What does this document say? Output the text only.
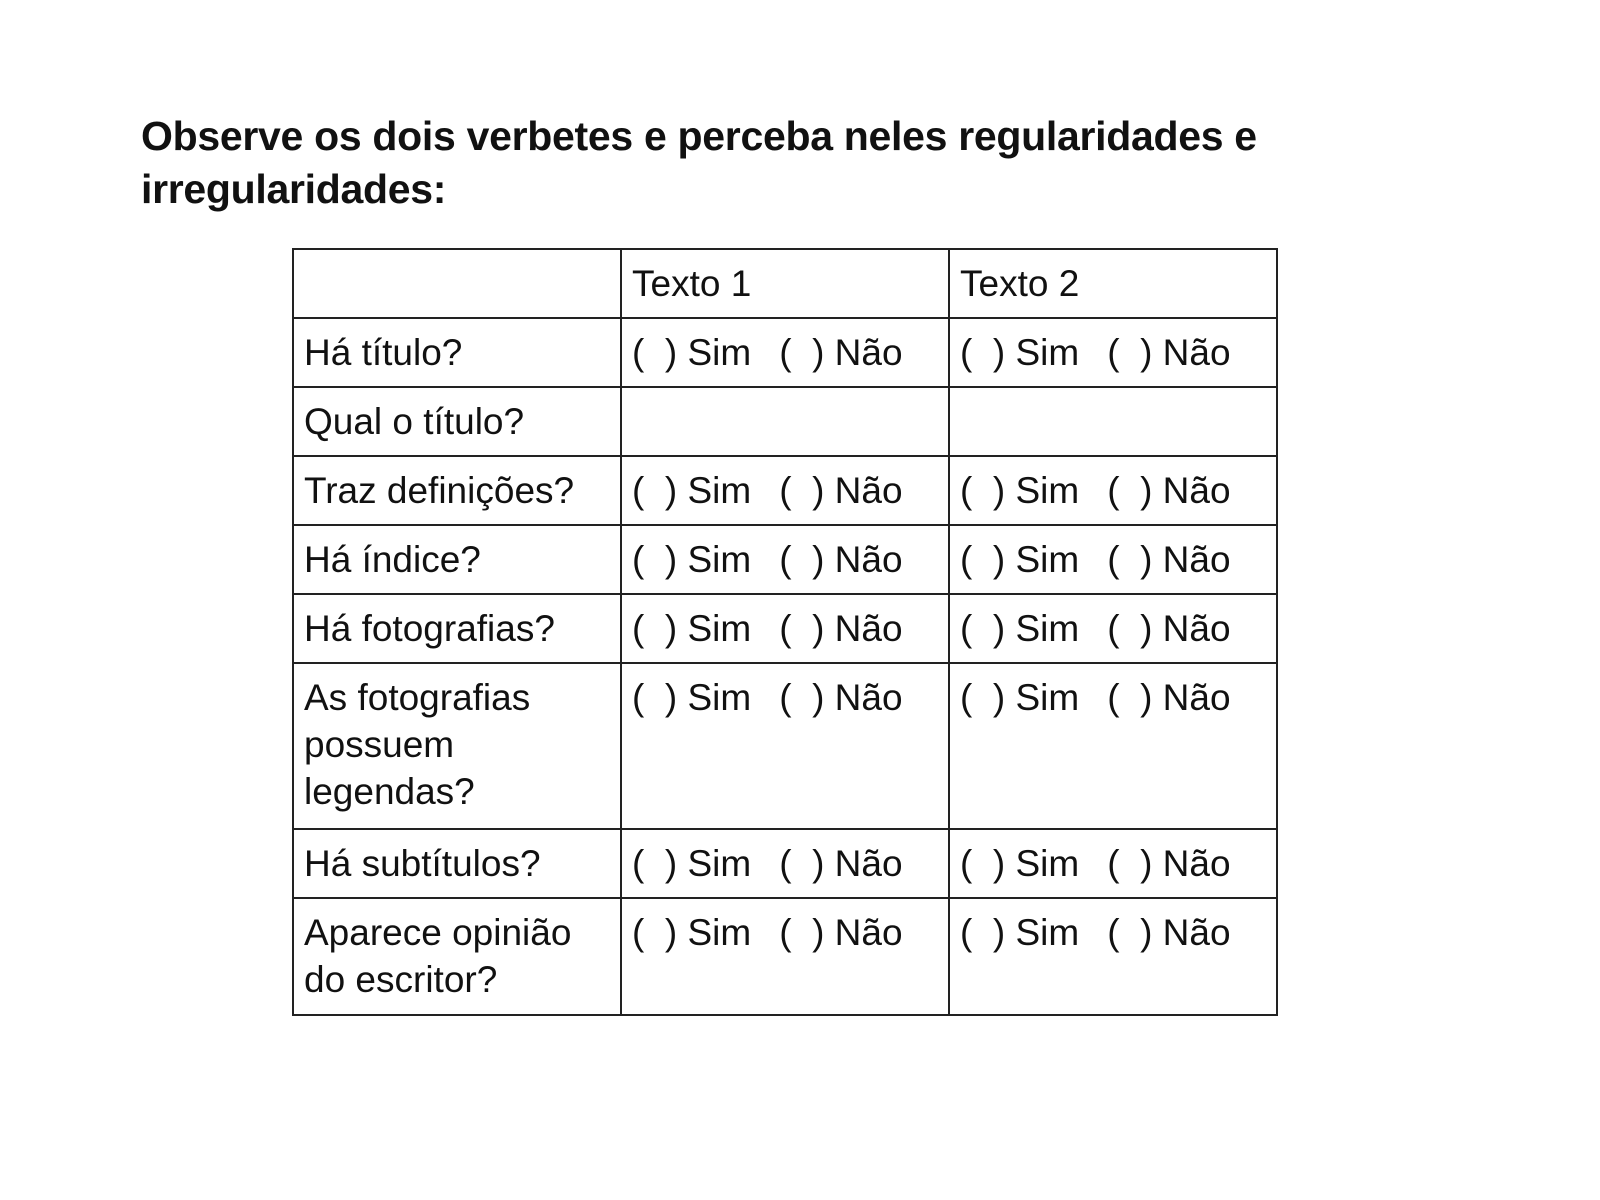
Observe os dois verbetes e perceba neles regularidades e irregularidades:

	Texto 1	Texto 2

Há título?	(  ) Sim (  ) Não	(  ) Sim (  ) Não

Qual o título?		

Traz definições?	(  ) Sim (  ) Não	(  ) Sim (  ) Não

Há índice?	(  ) Sim (  ) Não	(  ) Sim (  ) Não

Há fotografias?	(  ) Sim (  ) Não	(  ) Sim (  ) Não

As fotografias possuem legendas?	(  ) Sim (  ) Não	(  ) Sim (  ) Não

Há subtítulos?	(  ) Sim (  ) Não	(  ) Sim (  ) Não

Aparece opinião do escritor?	(  ) Sim (  ) Não	(  ) Sim (  ) Não
